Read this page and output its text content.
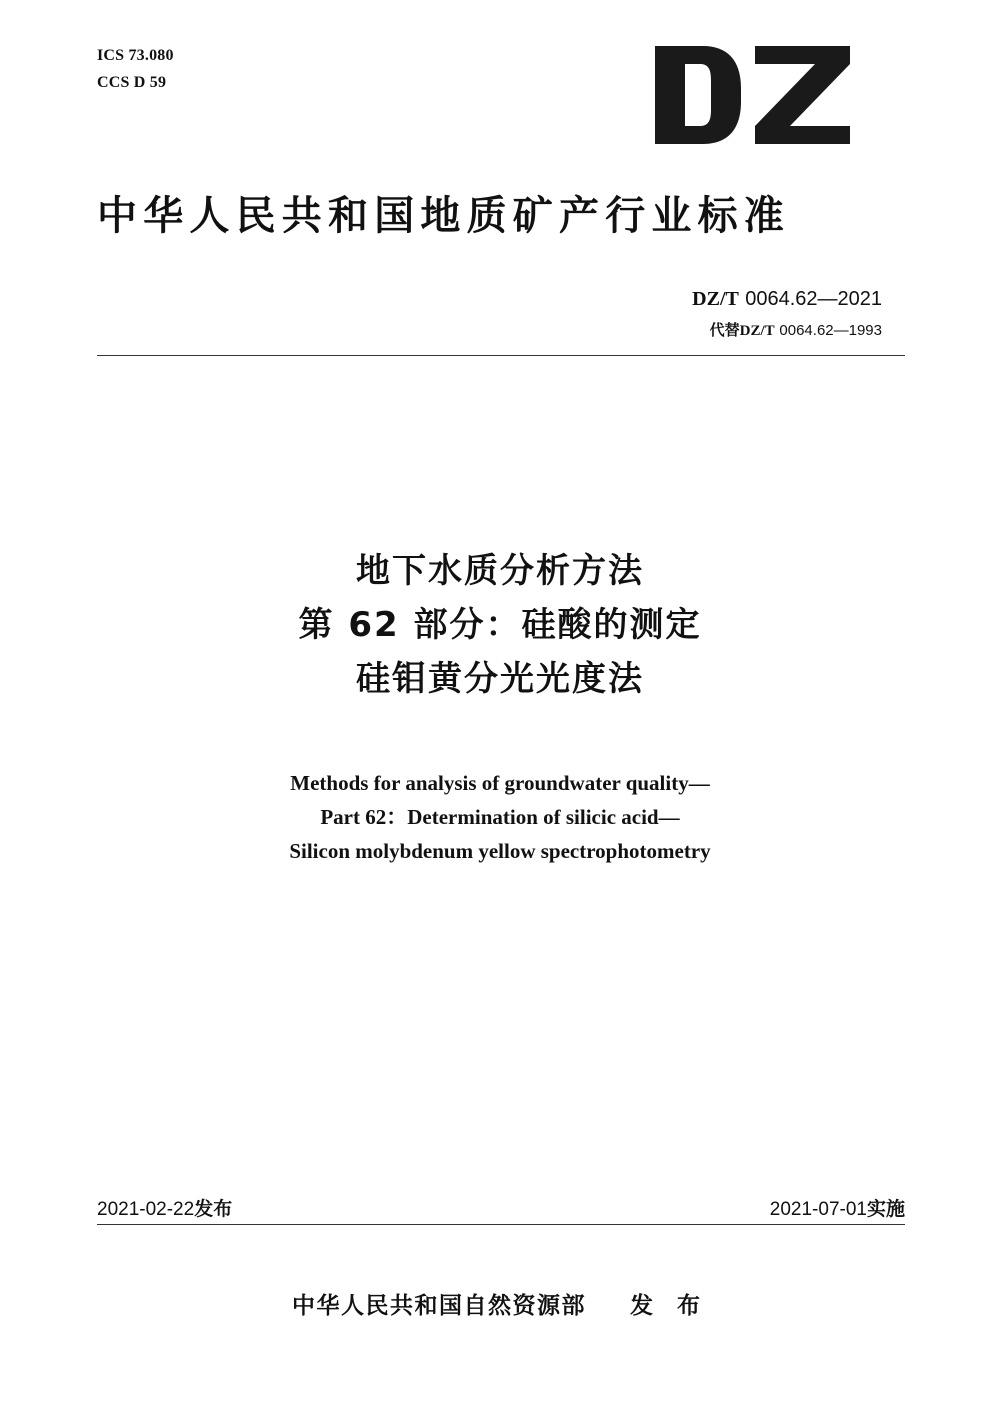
ICS 73.080
CCS D 59
中华人民共和国地质矿产行业标准
DZ/T 0064.62—2021
代替DZ/T 0064.62—1993
地下水质分析方法
第 62 部分：硅酸的测定
硅钼黄分光光度法
Methods for analysis of groundwater quality—
Part 62：Determination of silicic acid—
Silicon molybdenum yellow spectrophotometry
2021-02-22发布	2021-07-01实施
中华人民共和国自然资源部 发 布
